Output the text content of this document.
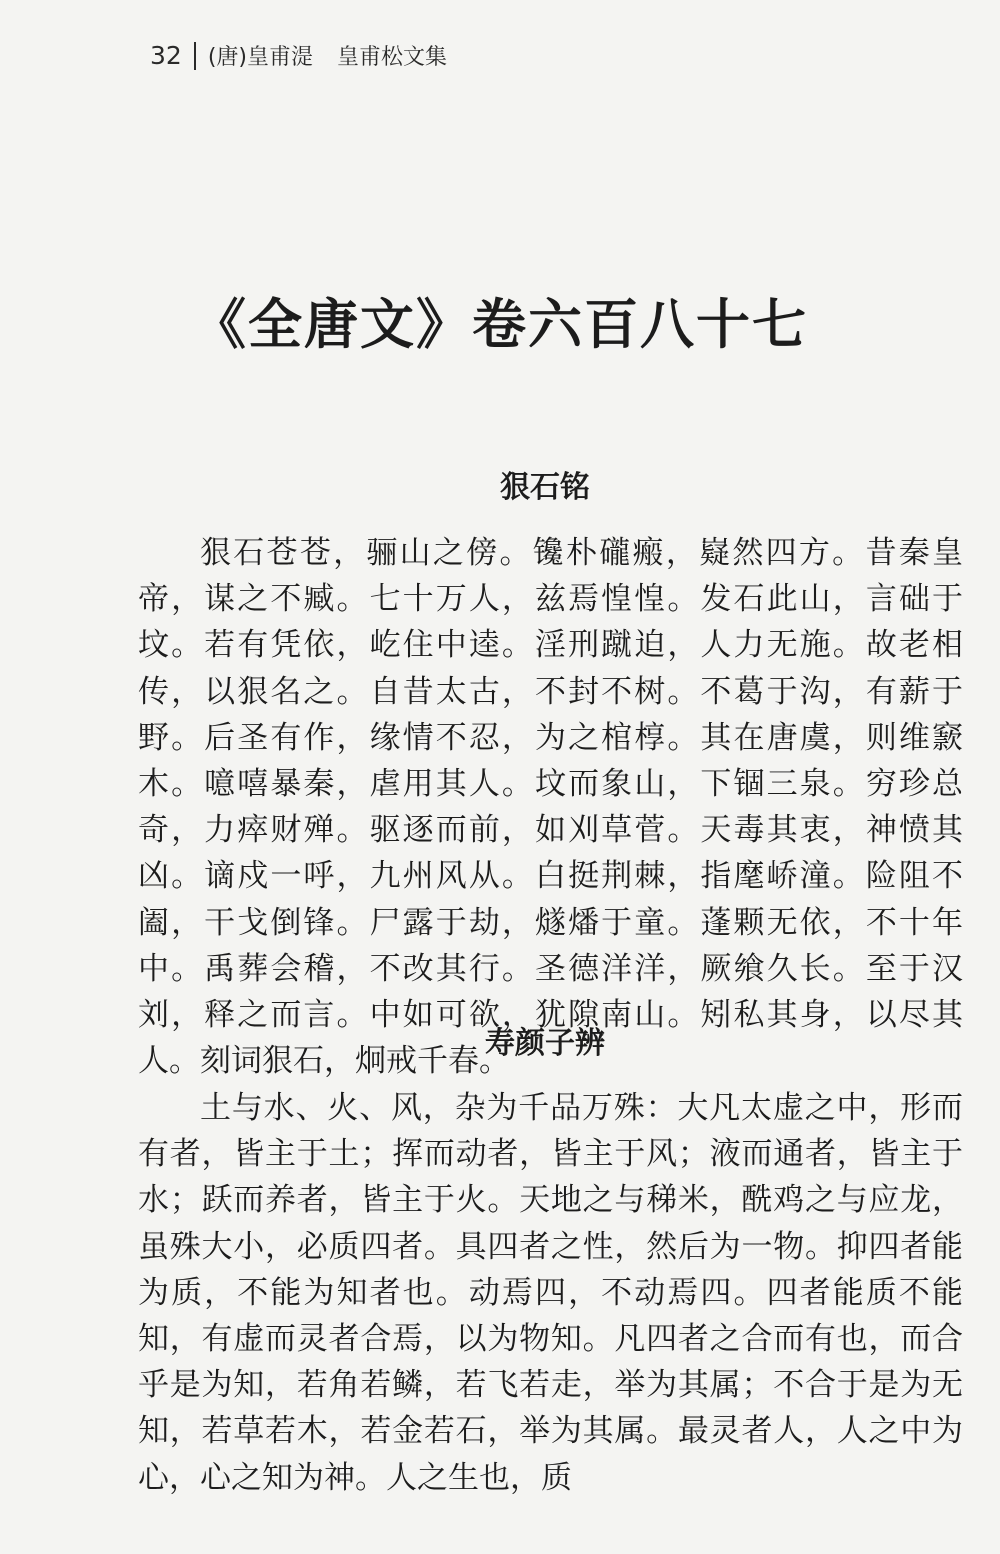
32 (唐)皇甫湜 皇甫松文集
《全唐文》卷六百八十七
狠石铭

狠石苍苍，骊山之傍。镵朴礲瘢，嶷然四方。昔秦皇帝，谋之不臧。七十万人，兹焉惶惶。发石此山，言础于坟。若有凭依，屹住中逵。淫刑蹴迫，人力无施。故老相传，以狠名之。自昔太古，不封不树。不葛于沟，有薪于野。后圣有作，缘情不忍，为之棺椁。其在唐虞，则维窾木。噫嘻暴秦，虐用其人。坟而象山，下锢三泉。穷珍总奇，力瘁财殚。驱逐而前，如刈草菅。天毒其衷，神愤其凶。谪戍一呼，九州风从。白挺荆棘，指麾峤潼。险阻不阖，干戈倒锋。尸露于劫，燧燔于童。蓬颗无依，不十年中。禹葬会稽，不改其行。圣德洋洋，厥飨久长。至于汉刘，释之而言。中如可欲，犹隙南山。矧私其身，以尽其人。刻词狠石，炯戒千春。

寿颜子辨

土与水、火、风，杂为千品万殊：大凡太虚之中，形而有者，皆主于土；挥而动者，皆主于风；液而通者，皆主于水；跃而养者，皆主于火。天地之与稊米，酰鸡之与应龙，虽殊大小，必质四者。具四者之性，然后为一物。抑四者能为质，不能为知者也。动焉四，不动焉四。四者能质不能知，有虚而灵者合焉，以为物知。凡四者之合而有也，而合乎是为知，若角若鳞，若飞若走，举为其属；不合于是为无知，若草若木，若金若石，举为其属。最灵者人，人之中为心，心之知为神。人之生也，质
